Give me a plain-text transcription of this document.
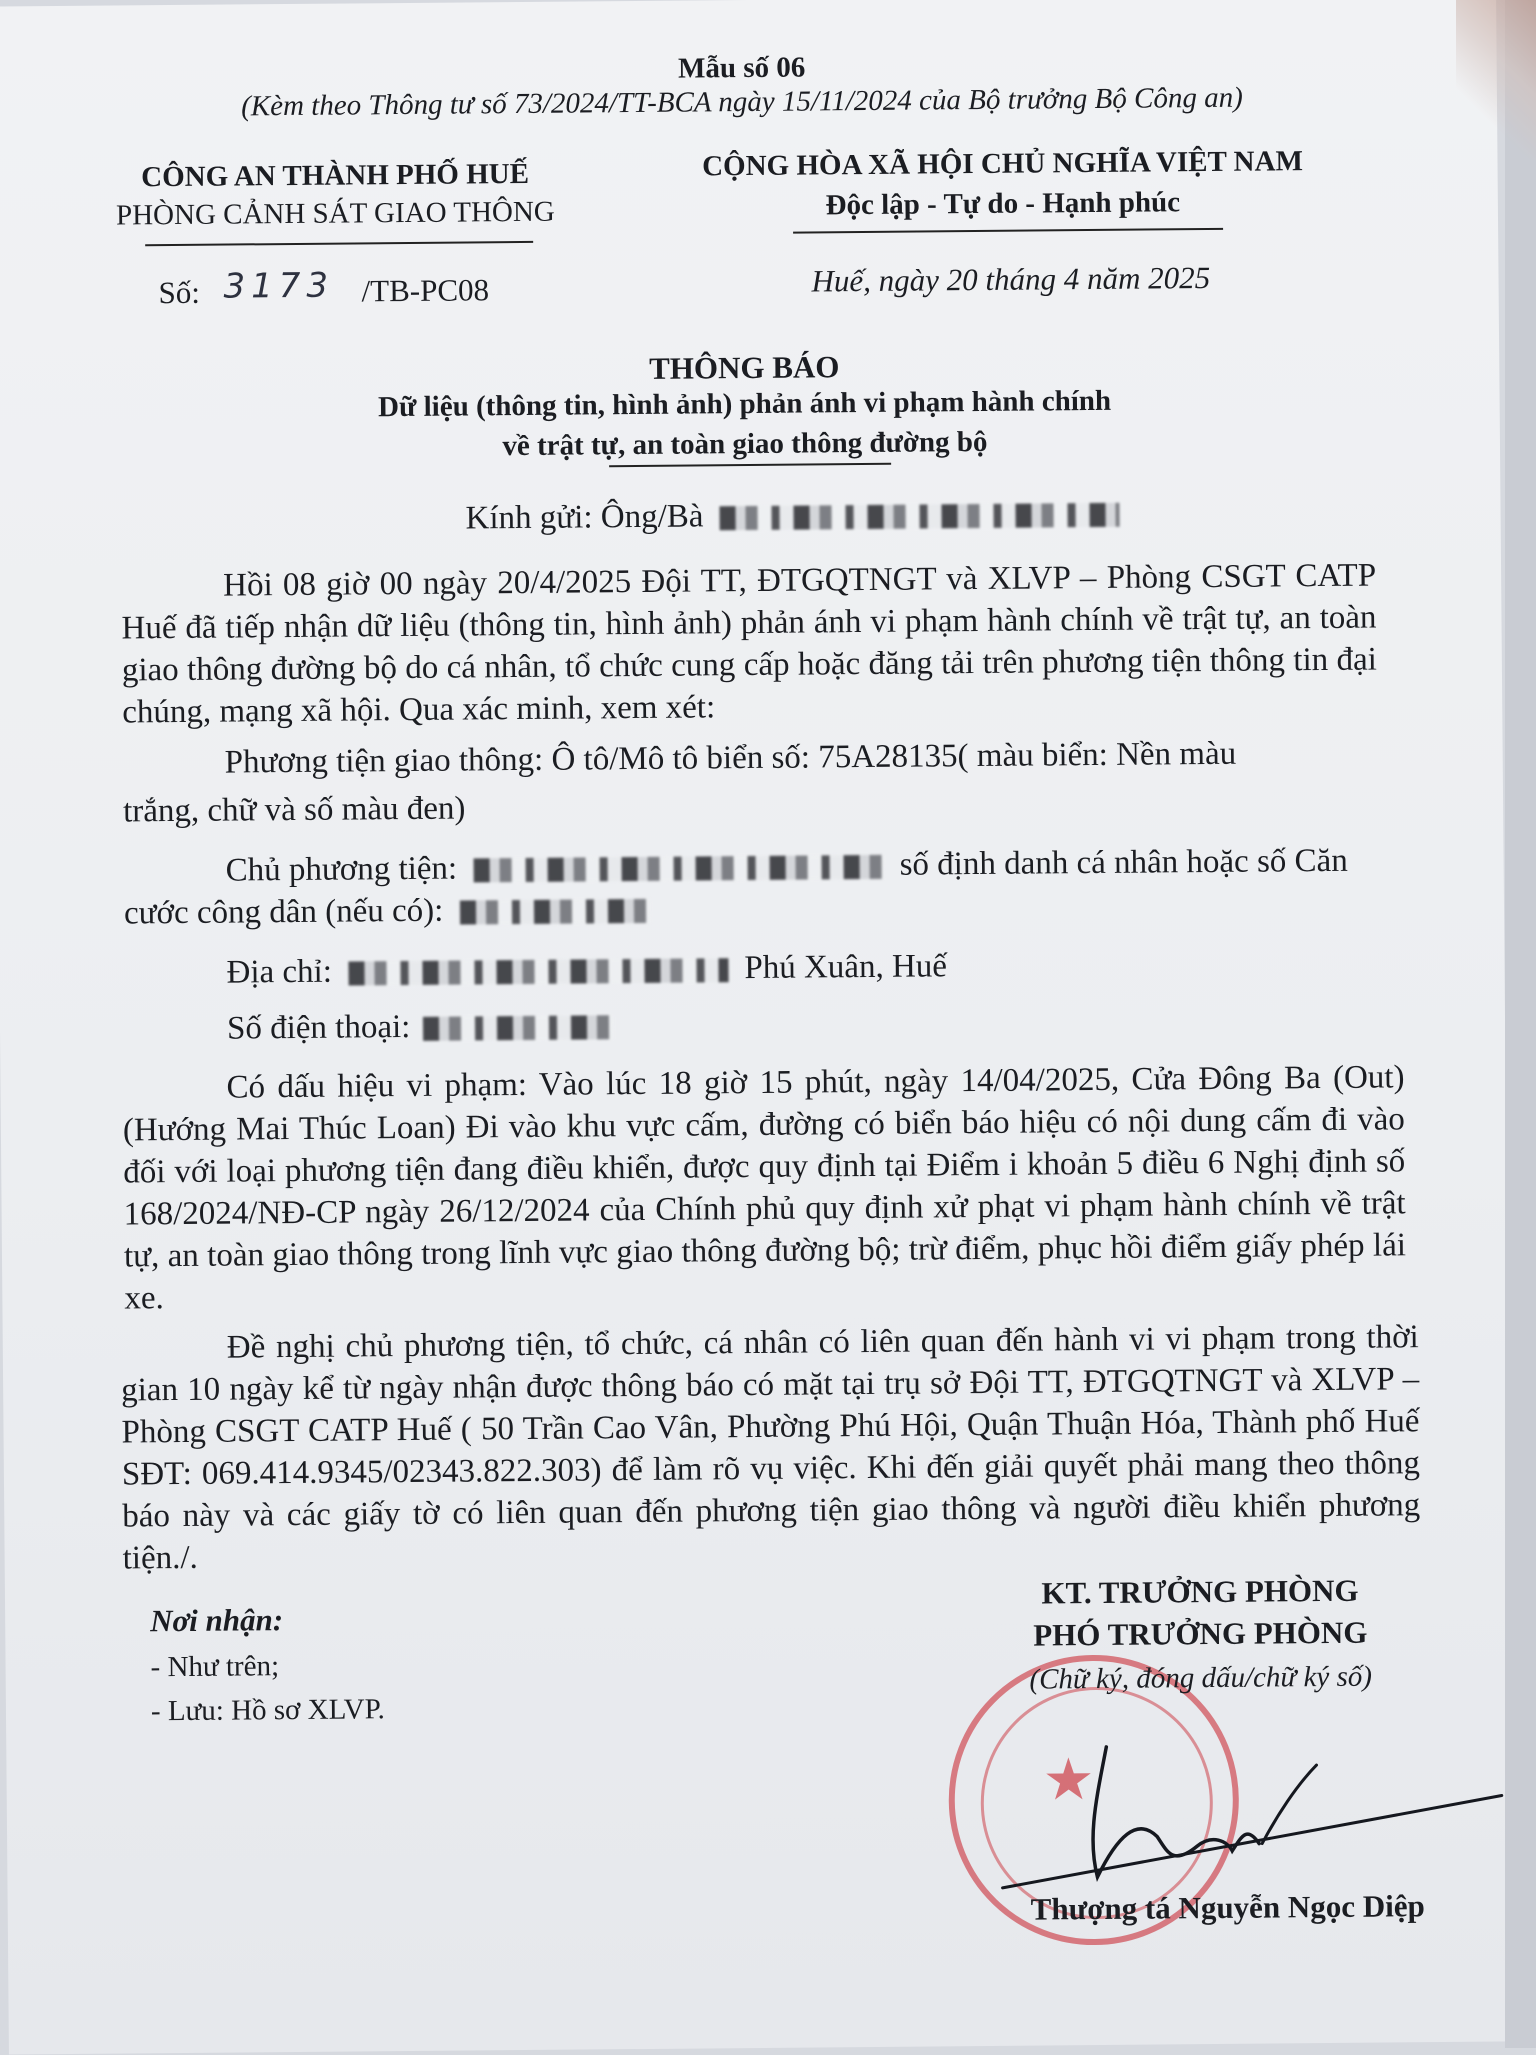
Mẫu số 06
(Kèm theo Thông tư số 73/2024/TT-BCA ngày 15/11/2024 của Bộ trưởng Bộ Công an)
CÔNG AN THÀNH PHỐ HUẾ
PHÒNG CẢNH SÁT GIAO THÔNG
CỘNG HÒA XÃ HỘI CHỦ NGHĨA VIỆT NAM
Độc lập - Tự do - Hạnh phúc
Số: 3173 /TB-PC08	Huế, ngày 20 tháng 4 năm 2025
THÔNG BÁO
Dữ liệu (thông tin, hình ảnh) phản ánh vi phạm hành chính
về trật tự, an toàn giao thông đường bộ
Kính gửi: Ông/Bà
Hồi 08 giờ 00 ngày 20/4/2025 Đội TT, ĐTGQTNGT và XLVP – Phòng CSGT CATP Huế đã tiếp nhận dữ liệu (thông tin, hình ảnh) phản ánh vi phạm hành chính về trật tự, an toàn giao thông đường bộ do cá nhân, tổ chức cung cấp hoặc đăng tải trên phương tiện thông tin đại chúng, mạng xã hội. Qua xác minh, xem xét:
Phương tiện giao thông: Ô tô/Mô tô biển số: 75A28135( màu biển: Nền màu
trắng, chữ và số màu đen)
Chủ phương tiện:	số định danh cá nhân hoặc số Căn
cước công dân (nếu có):
Địa chỉ:	Phú Xuân, Huế
Số điện thoại:
Có dấu hiệu vi phạm: Vào lúc 18 giờ 15 phút, ngày 14/04/2025, Cửa Đông Ba (Out) (Hướng Mai Thúc Loan) Đi vào khu vực cấm, đường có biển báo hiệu có nội dung cấm đi vào đối với loại phương tiện đang điều khiển, được quy định tại Điểm i khoản 5 điều 6 Nghị định số 168/2024/NĐ-CP ngày 26/12/2024 của Chính phủ quy định xử phạt vi phạm hành chính về trật tự, an toàn giao thông trong lĩnh vực giao thông đường bộ; trừ điểm, phục hồi điểm giấy phép lái xe.
Đề nghị chủ phương tiện, tổ chức, cá nhân có liên quan đến hành vi vi phạm trong thời gian 10 ngày kể từ ngày nhận được thông báo có mặt tại trụ sở Đội TT, ĐTGQTNGT và XLVP – Phòng CSGT CATP Huế ( 50 Trần Cao Vân, Phường Phú Hội, Quận Thuận Hóa, Thành phố Huế SĐT: 069.414.9345/02343.822.303) để làm rõ vụ việc. Khi đến giải quyết phải mang theo thông báo này và các giấy tờ có liên quan đến phương tiện giao thông và người điều khiển phương tiện./.
Nơi nhận:
- Như trên;
- Lưu: Hồ sơ XLVP.
★
KT. TRƯỞNG PHÒNG
PHÓ TRƯỞNG PHÒNG
(Chữ ký, đóng dấu/chữ ký số)
Thượng tá Nguyễn Ngọc Diệp
